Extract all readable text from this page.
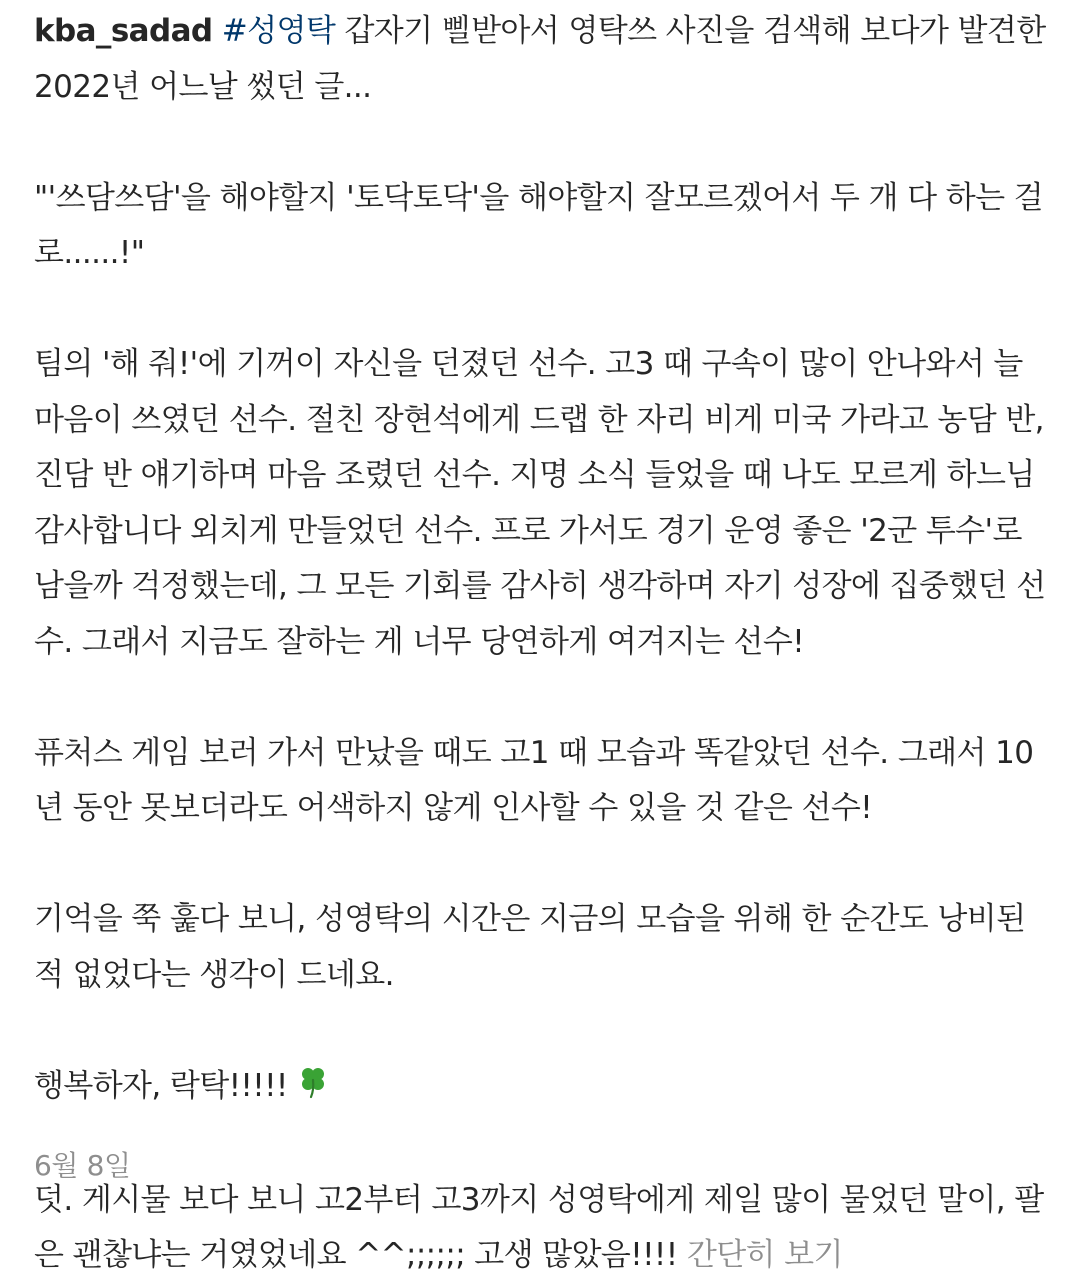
kba_sadad #성영탁 갑자기 삘받아서 영탁쓰 사진을 검색해 보다가 발견한 2022년 어느날 썼던 글...

"'쓰담쓰담'을 해야할지 '토닥토닥'을 해야할지 잘모르겠어서 두 개 다 하는 걸로......!"

팀의 '해 줘!'에 기꺼이 자신을 던졌던 선수. 고3 때 구속이 많이 안나와서 늘 마음이 쓰였던 선수. 절친 장현석에게 드랩 한 자리 비게 미국 가라고 농담 반, 진담 반 얘기하며 마음 조렸던 선수. 지명 소식 들었을 때 나도 모르게 하느님 감사합니다 외치게 만들었던 선수. 프로 가서도 경기 운영 좋은 '2군 투수'로 남을까 걱정했는데, 그 모든 기회를 감사히 생각하며 자기 성장에 집중했던 선수. 그래서 지금도 잘하는 게 너무 당연하게 여겨지는 선수!

퓨처스 게임 보러 가서 만났을 때도 고1 때 모습과 똑같았던 선수. 그래서 10년 동안 못보더라도 어색하지 않게 인사할 수 있을 것 같은 선수!

기억을 쭉 훑다 보니, 성영탁의 시간은 지금의 모습을 위해 한 순간도 낭비된 적 없었다는 생각이 드네요.

행복하자, 락탁!!!!!

덧. 게시물 보다 보니 고2부터 고3까지 성영탁에게 제일 많이 물었던 말이, 팔은 괜찮냐는 거였었네요 ^^;;;;;; 고생 많았음!!!! 간단히 보기

6월 8일
